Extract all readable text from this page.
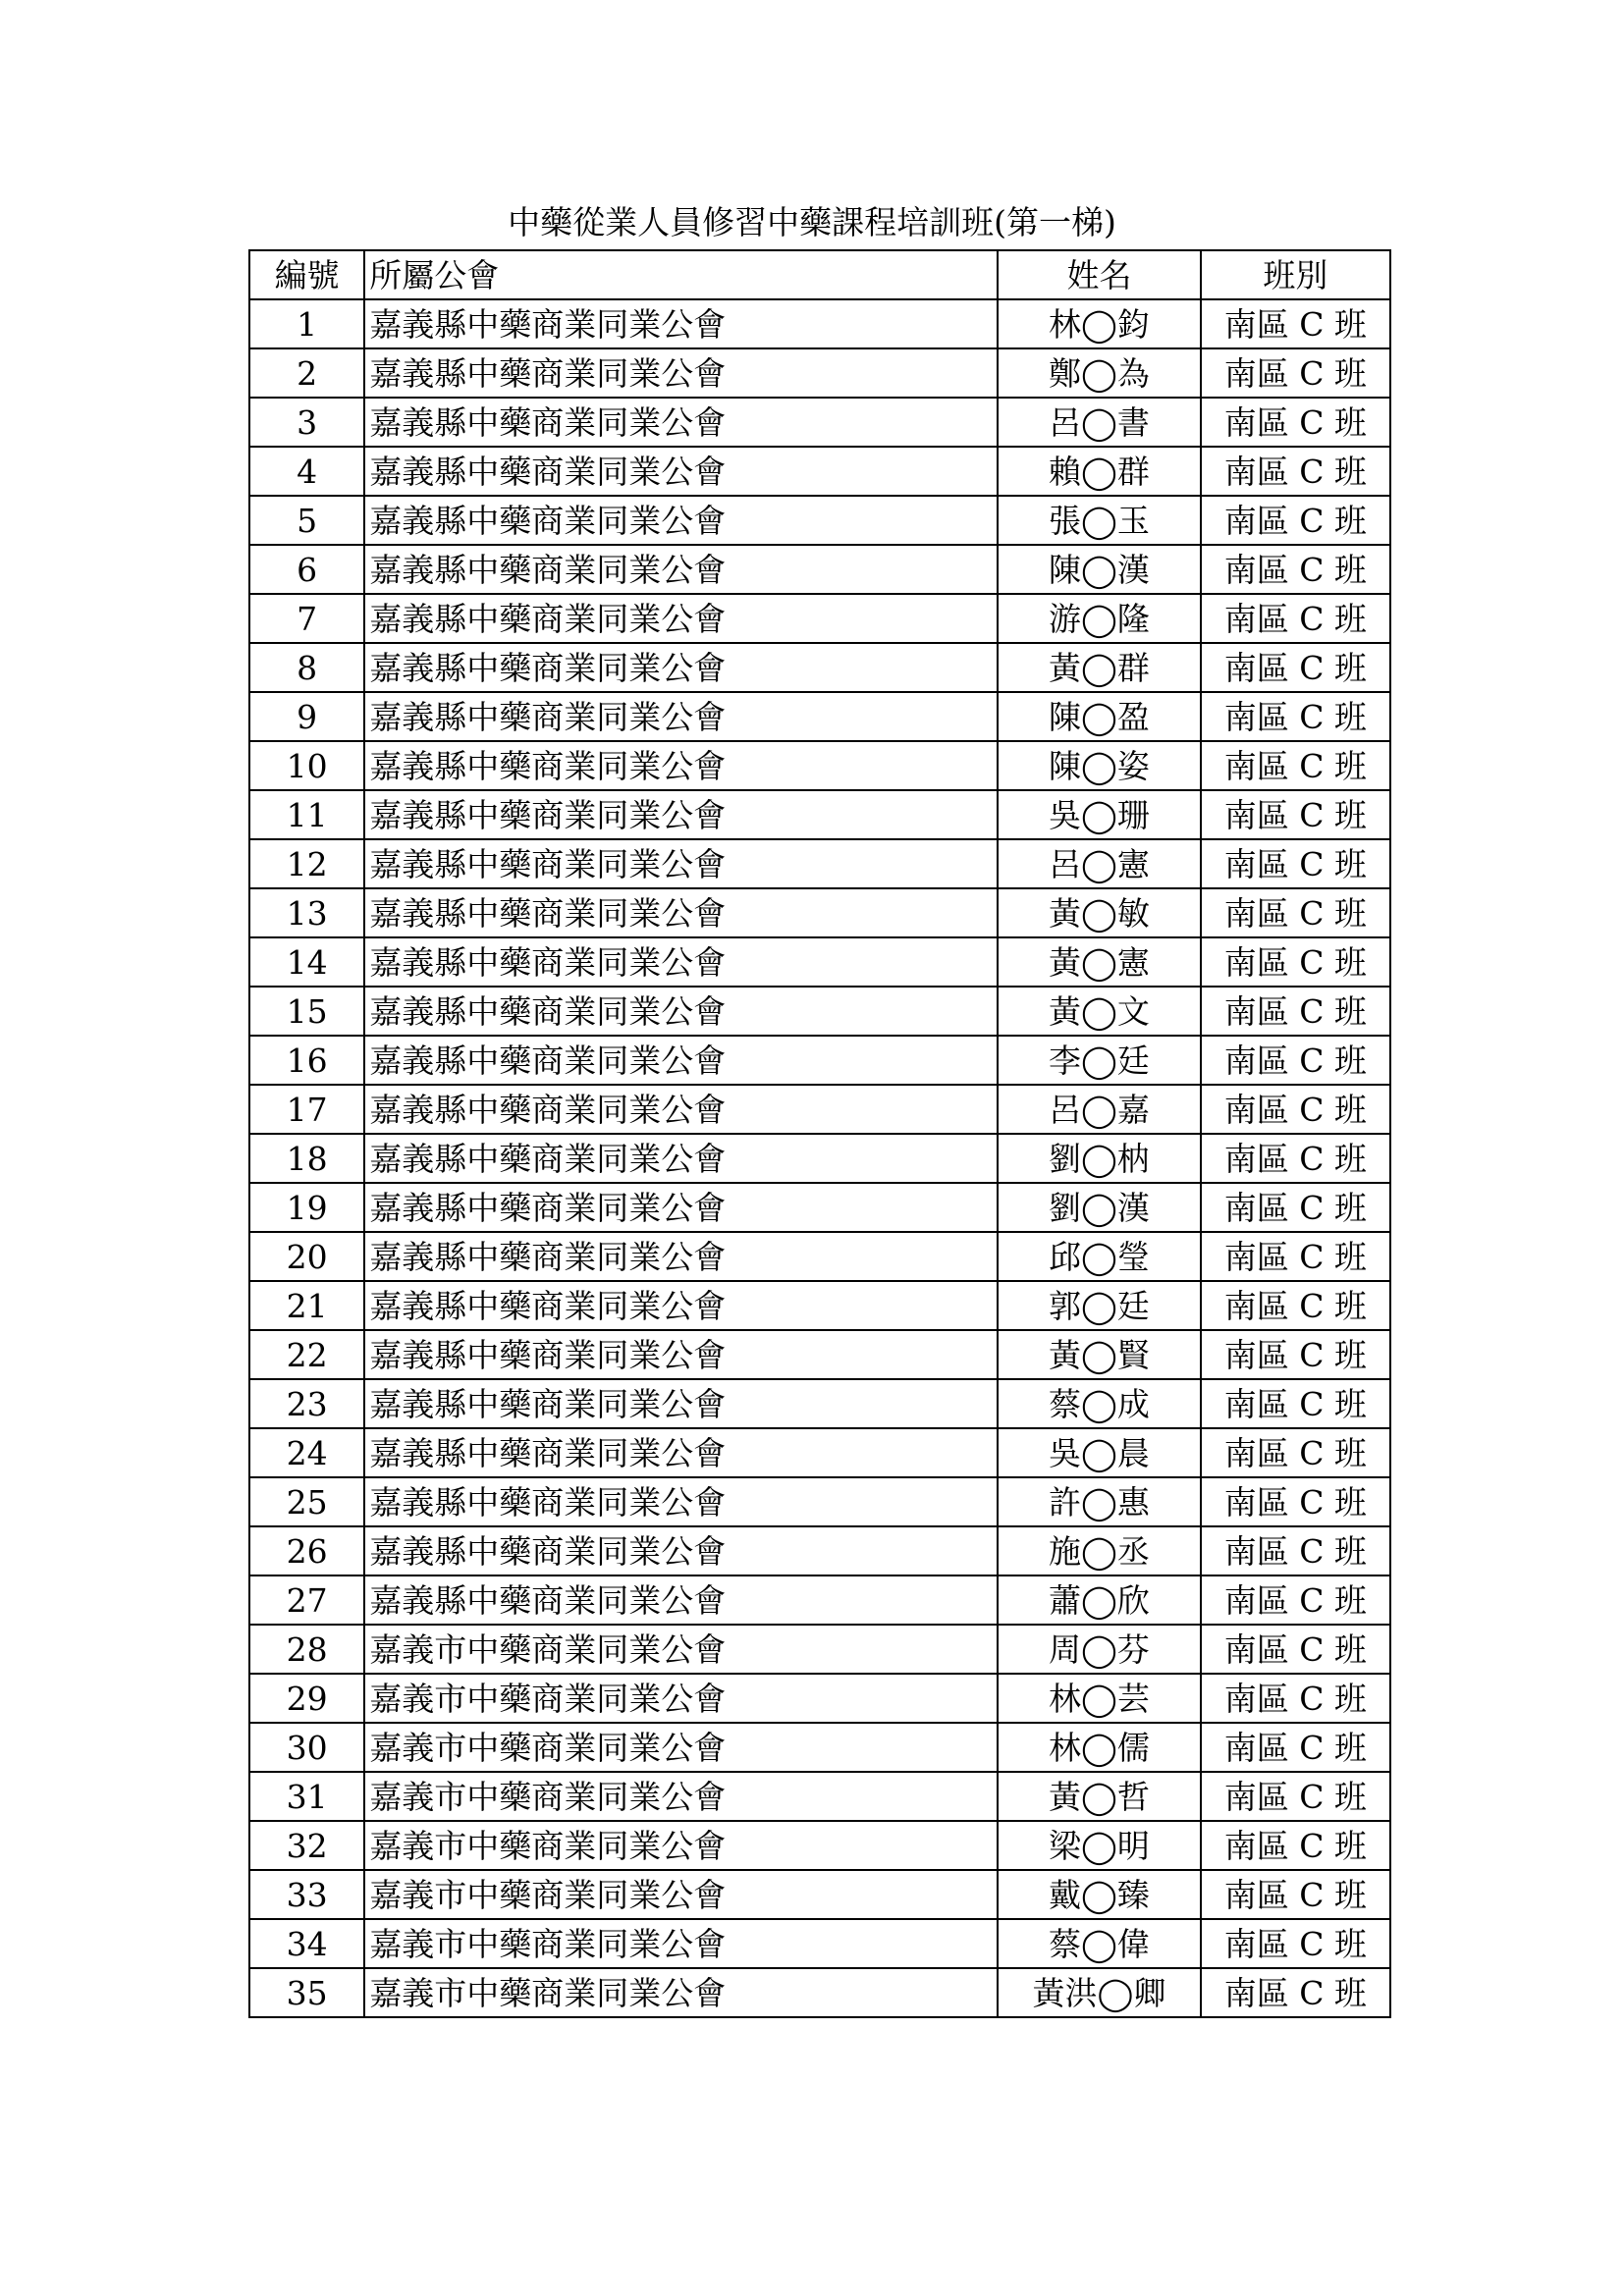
中藥從業人員修習中藥課程培訓班(第一梯)
編號	所屬公會	姓名	班別
1	嘉義縣中藥商業同業公會	林◯鈞	南區 C 班
2	嘉義縣中藥商業同業公會	鄭◯為	南區 C 班
3	嘉義縣中藥商業同業公會	呂◯書	南區 C 班
4	嘉義縣中藥商業同業公會	賴◯群	南區 C 班
5	嘉義縣中藥商業同業公會	張◯玉	南區 C 班
6	嘉義縣中藥商業同業公會	陳◯漢	南區 C 班
7	嘉義縣中藥商業同業公會	游◯隆	南區 C 班
8	嘉義縣中藥商業同業公會	黃◯群	南區 C 班
9	嘉義縣中藥商業同業公會	陳◯盈	南區 C 班
10	嘉義縣中藥商業同業公會	陳◯姿	南區 C 班
11	嘉義縣中藥商業同業公會	吳◯珊	南區 C 班
12	嘉義縣中藥商業同業公會	呂◯憲	南區 C 班
13	嘉義縣中藥商業同業公會	黃◯敏	南區 C 班
14	嘉義縣中藥商業同業公會	黃◯憲	南區 C 班
15	嘉義縣中藥商業同業公會	黃◯文	南區 C 班
16	嘉義縣中藥商業同業公會	李◯廷	南區 C 班
17	嘉義縣中藥商業同業公會	呂◯嘉	南區 C 班
18	嘉義縣中藥商業同業公會	劉◯枘	南區 C 班
19	嘉義縣中藥商業同業公會	劉◯漢	南區 C 班
20	嘉義縣中藥商業同業公會	邱◯瑩	南區 C 班
21	嘉義縣中藥商業同業公會	郭◯廷	南區 C 班
22	嘉義縣中藥商業同業公會	黃◯賢	南區 C 班
23	嘉義縣中藥商業同業公會	蔡◯成	南區 C 班
24	嘉義縣中藥商業同業公會	吳◯晨	南區 C 班
25	嘉義縣中藥商業同業公會	許◯惠	南區 C 班
26	嘉義縣中藥商業同業公會	施◯丞	南區 C 班
27	嘉義縣中藥商業同業公會	蕭◯欣	南區 C 班
28	嘉義市中藥商業同業公會	周◯芬	南區 C 班
29	嘉義市中藥商業同業公會	林◯芸	南區 C 班
30	嘉義市中藥商業同業公會	林◯儒	南區 C 班
31	嘉義市中藥商業同業公會	黃◯哲	南區 C 班
32	嘉義市中藥商業同業公會	梁◯明	南區 C 班
33	嘉義市中藥商業同業公會	戴◯臻	南區 C 班
34	嘉義市中藥商業同業公會	蔡◯偉	南區 C 班
35	嘉義市中藥商業同業公會	黃洪◯卿	南區 C 班
